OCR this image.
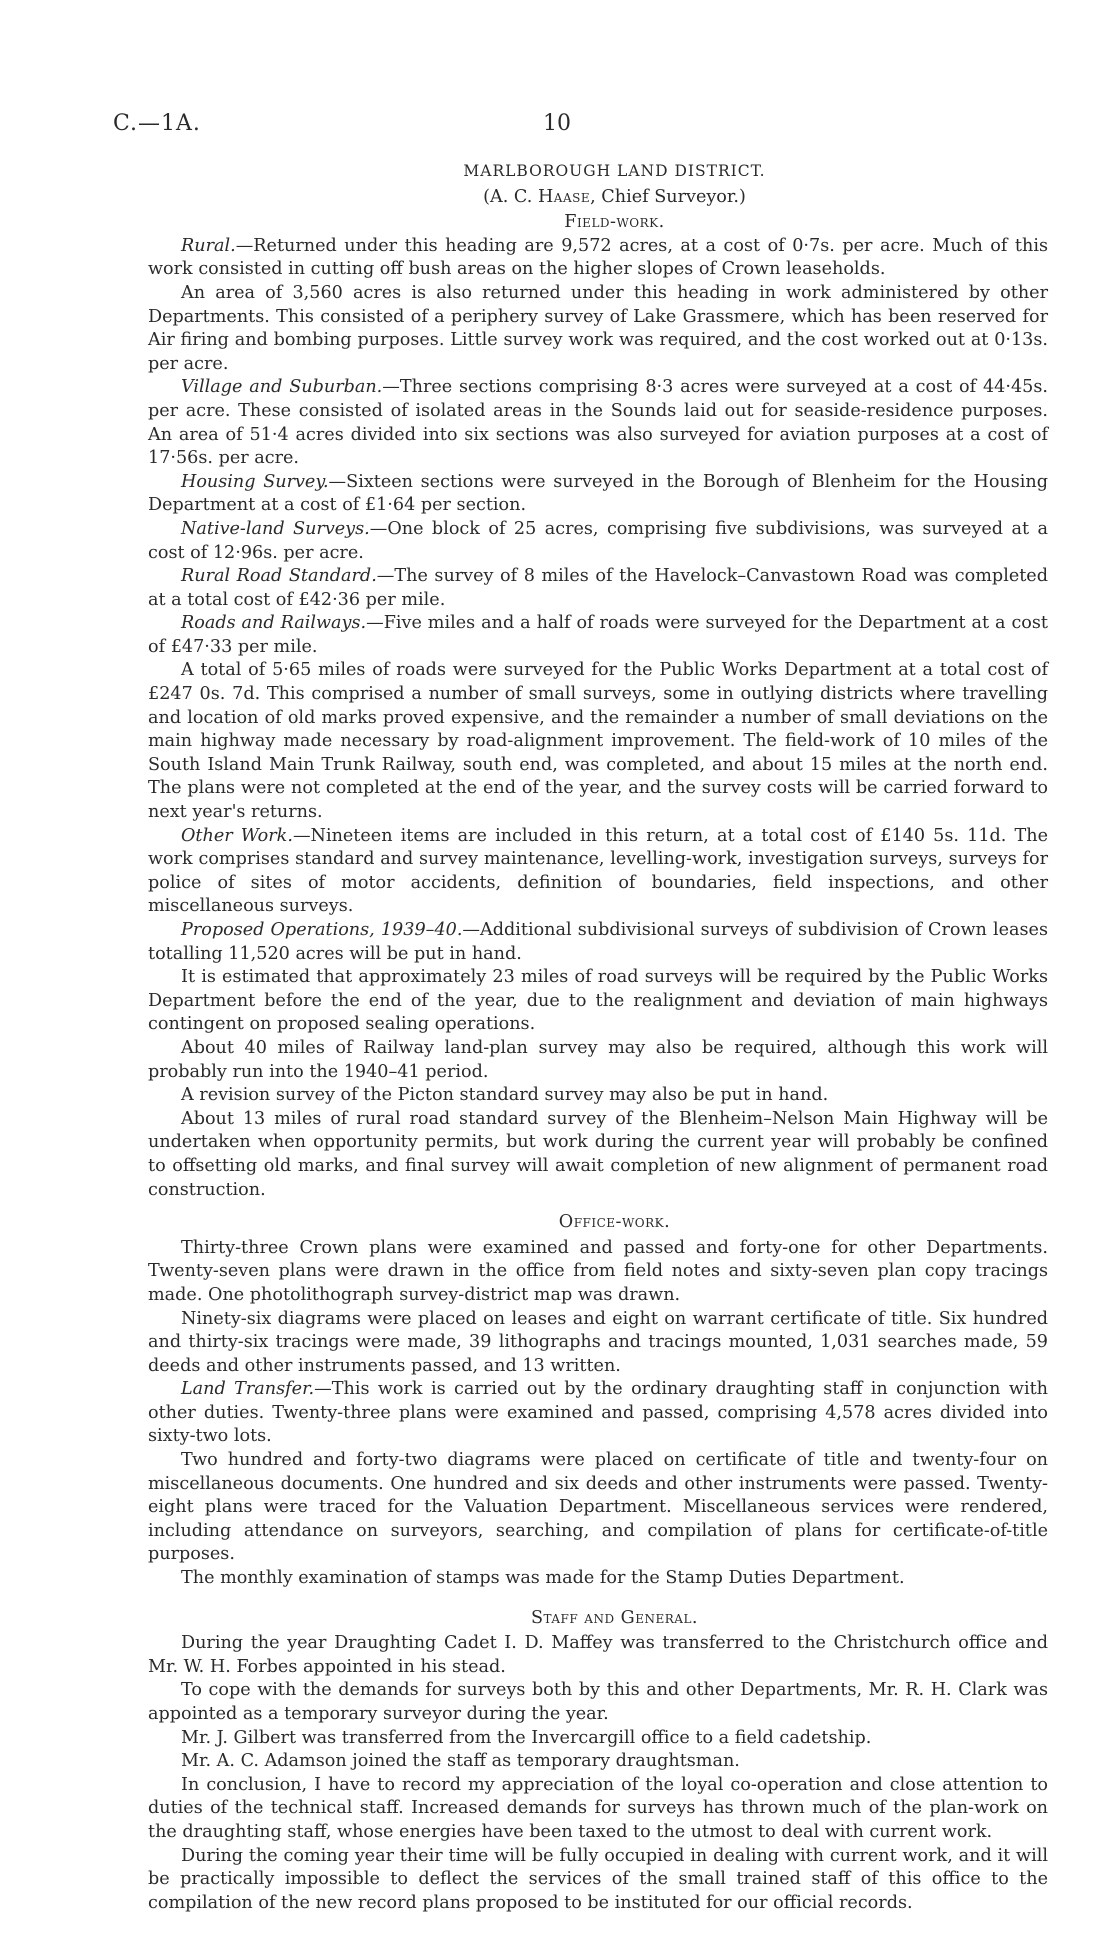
C.—1A.	10

MARLBOROUGH LAND DISTRICT.

(A. C. Haase, Chief Surveyor.)

Field-work.

Rural.—Returned under this heading are 9,572 acres, at a cost of 0·7s. per acre. Much of this work consisted in cutting off bush areas on the higher slopes of Crown leaseholds.

An area of 3,560 acres is also returned under this heading in work administered by other Departments. This consisted of a periphery survey of Lake Grassmere, which has been reserved for Air firing and bombing purposes. Little survey work was required, and the cost worked out at 0·13s. per acre.

Village and Suburban.—Three sections comprising 8·3 acres were surveyed at a cost of 44·45s. per acre. These consisted of isolated areas in the Sounds laid out for seaside-residence purposes. An area of 51·4 acres divided into six sections was also surveyed for aviation purposes at a cost of 17·56s. per acre.

Housing Survey.—Sixteen sections were surveyed in the Borough of Blenheim for the Housing Department at a cost of £1·64 per section.

Native-land Surveys.—One block of 25 acres, comprising five subdivisions, was surveyed at a cost of 12·96s. per acre.

Rural Road Standard.—The survey of 8 miles of the Havelock–Canvastown Road was completed at a total cost of £42·36 per mile.

Roads and Railways.—Five miles and a half of roads were surveyed for the Department at a cost of £47·33 per mile.

A total of 5·65 miles of roads were surveyed for the Public Works Department at a total cost of £247 0s. 7d. This comprised a number of small surveys, some in outlying districts where travelling and location of old marks proved expensive, and the remainder a number of small deviations on the main highway made necessary by road-alignment improvement. The field-work of 10 miles of the South Island Main Trunk Railway, south end, was completed, and about 15 miles at the north end. The plans were not completed at the end of the year, and the survey costs will be carried forward to next year's returns.

Other Work.—Nineteen items are included in this return, at a total cost of £140 5s. 11d. The work comprises standard and survey maintenance, levelling-work, investigation surveys, surveys for police of sites of motor accidents, definition of boundaries, field inspections, and other miscellaneous surveys.

Proposed Operations, 1939–40.—Additional subdivisional surveys of subdivision of Crown leases totalling 11,520 acres will be put in hand.

It is estimated that approximately 23 miles of road surveys will be required by the Public Works Department before the end of the year, due to the realignment and deviation of main highways contingent on proposed sealing operations.

About 40 miles of Railway land-plan survey may also be required, although this work will probably run into the 1940–41 period.

A revision survey of the Picton standard survey may also be put in hand.

About 13 miles of rural road standard survey of the Blenheim–Nelson Main Highway will be undertaken when opportunity permits, but work during the current year will probably be confined to offsetting old marks, and final survey will await completion of new alignment of permanent road construction.

Office-work.

Thirty-three Crown plans were examined and passed and forty-one for other Departments. Twenty-seven plans were drawn in the office from field notes and sixty-seven plan copy tracings made. One photolithograph survey-district map was drawn.

Ninety-six diagrams were placed on leases and eight on warrant certificate of title. Six hundred and thirty-six tracings were made, 39 lithographs and tracings mounted, 1,031 searches made, 59 deeds and other instruments passed, and 13 written.

Land Transfer.—This work is carried out by the ordinary draughting staff in conjunction with other duties. Twenty-three plans were examined and passed, comprising 4,578 acres divided into sixty-two lots.

Two hundred and forty-two diagrams were placed on certificate of title and twenty-four on miscellaneous documents. One hundred and six deeds and other instruments were passed. Twenty-eight plans were traced for the Valuation Department. Miscellaneous services were rendered, including attendance on surveyors, searching, and compilation of plans for certificate-of-title purposes.

The monthly examination of stamps was made for the Stamp Duties Department.

Staff and General.

During the year Draughting Cadet I. D. Maffey was transferred to the Christchurch office and Mr. W. H. Forbes appointed in his stead.

To cope with the demands for surveys both by this and other Departments, Mr. R. H. Clark was appointed as a temporary surveyor during the year.

Mr. J. Gilbert was transferred from the Invercargill office to a field cadetship.

Mr. A. C. Adamson joined the staff as temporary draughtsman.

In conclusion, I have to record my appreciation of the loyal co-operation and close attention to duties of the technical staff. Increased demands for surveys has thrown much of the plan-work on the draughting staff, whose energies have been taxed to the utmost to deal with current work.

During the coming year their time will be fully occupied in dealing with current work, and it will be practically impossible to deflect the services of the small trained staff of this office to the compilation of the new record plans proposed to be instituted for our official records.
